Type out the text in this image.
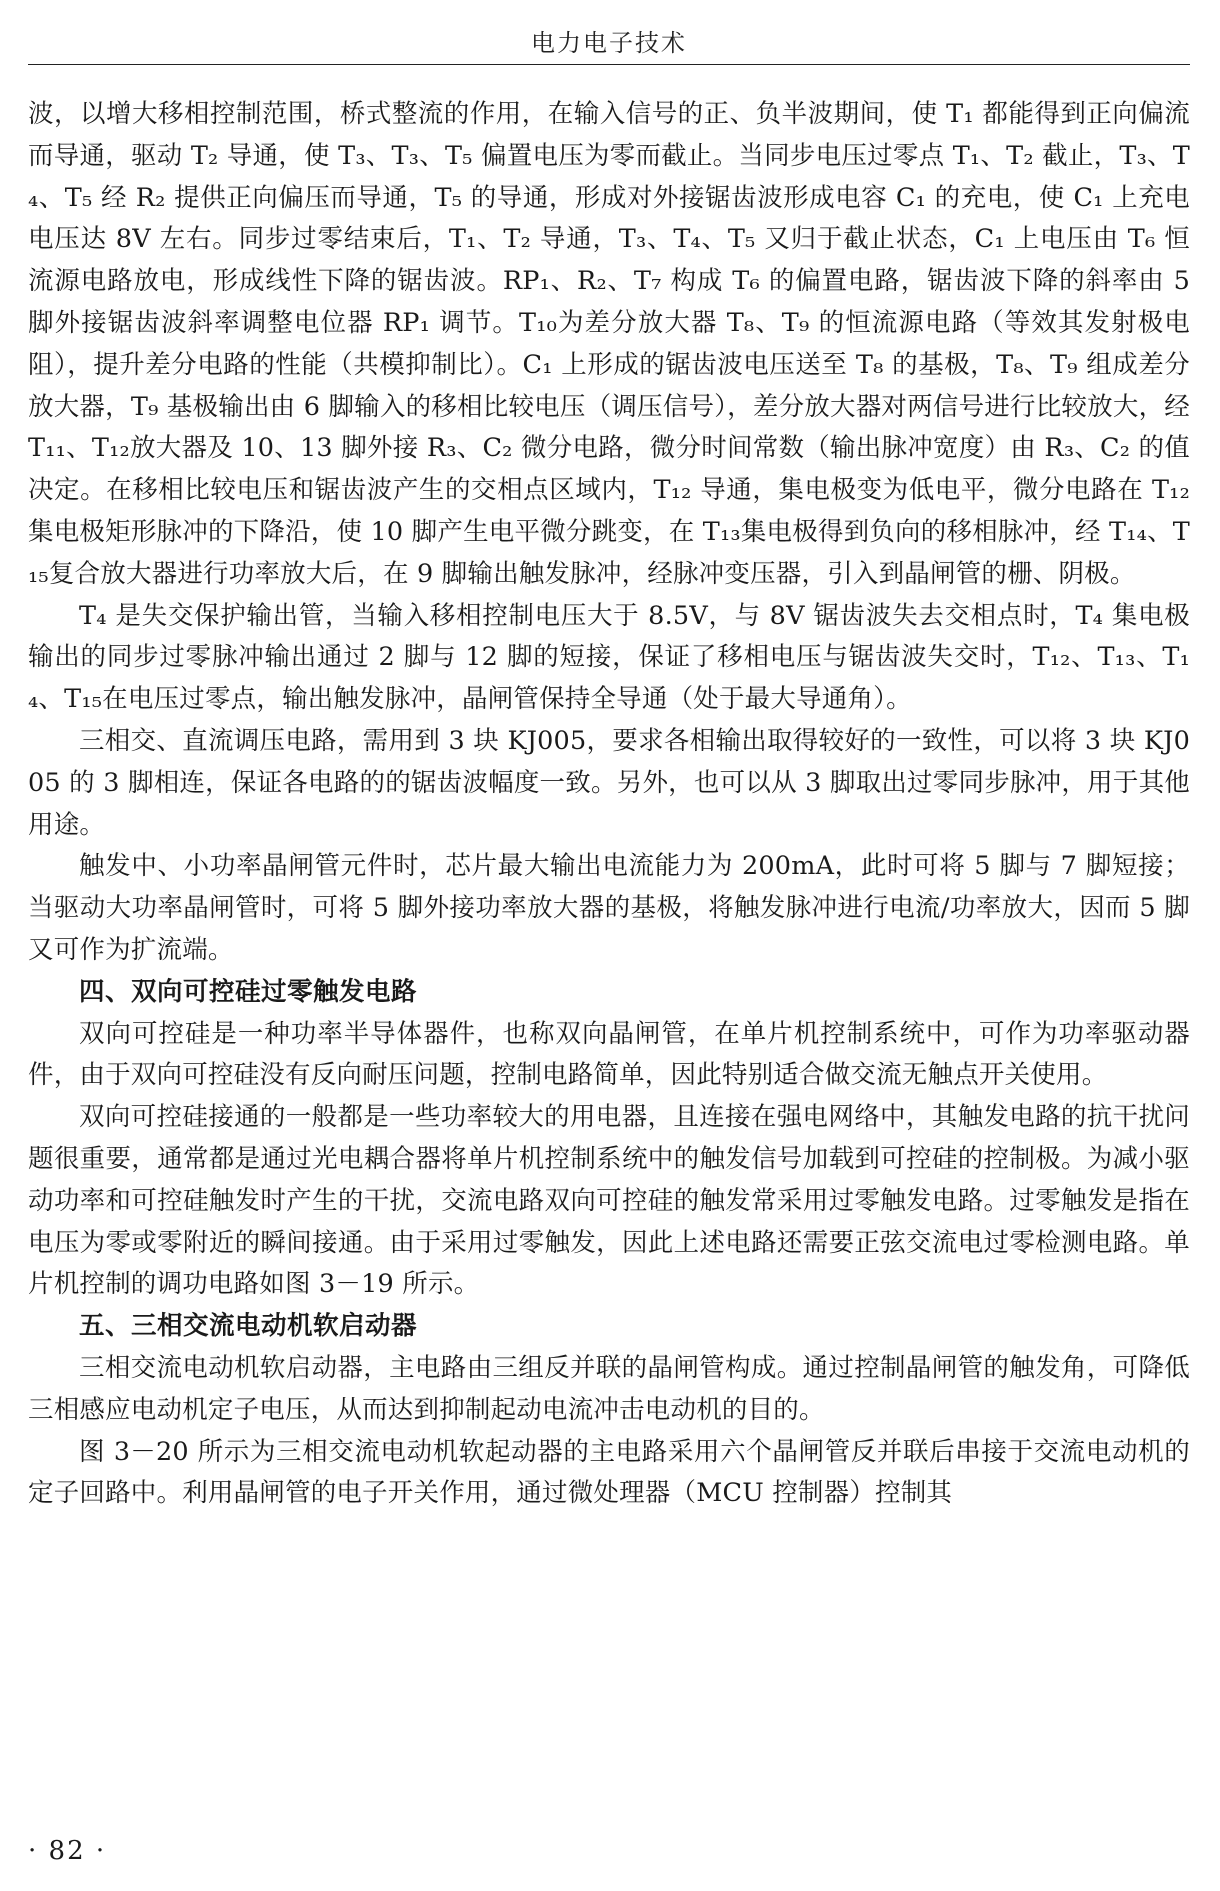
电力电子技术

波，以增大移相控制范围，桥式整流的作用，在输入信号的正、负半波期间，使 T₁ 都能得到正向偏流而导通，驱动 T₂ 导通，使 T₃、T₃、T₅ 偏置电压为零而截止。当同步电压过零点 T₁、T₂ 截止，T₃、T₄、T₅ 经 R₂ 提供正向偏压而导通，T₅ 的导通，形成对外接锯齿波形成电容 C₁ 的充电，使 C₁ 上充电电压达 8V 左右。同步过零结束后，T₁、T₂ 导通，T₃、T₄、T₅ 又归于截止状态，C₁ 上电压由 T₆ 恒流源电路放电，形成线性下降的锯齿波。RP₁、R₂、T₇ 构成 T₆ 的偏置电路，锯齿波下降的斜率由 5 脚外接锯齿波斜率调整电位器 RP₁ 调节。T₁₀为差分放大器 T₈、T₉ 的恒流源电路（等效其发射极电阻），提升差分电路的性能（共模抑制比）。C₁ 上形成的锯齿波电压送至 T₈ 的基极，T₈、T₉ 组成差分放大器，T₉ 基极输出由 6 脚输入的移相比较电压（调压信号），差分放大器对两信号进行比较放大，经 T₁₁、T₁₂放大器及 10、13 脚外接 R₃、C₂ 微分电路，微分时间常数（输出脉冲宽度）由 R₃、C₂ 的值决定。在移相比较电压和锯齿波产生的交相点区域内，T₁₂ 导通，集电极变为低电平，微分电路在 T₁₂集电极矩形脉冲的下降沿，使 10 脚产生电平微分跳变，在 T₁₃集电极得到负向的移相脉冲，经 T₁₄、T₁₅复合放大器进行功率放大后，在 9 脚输出触发脉冲，经脉冲变压器，引入到晶闸管的栅、阴极。

T₄ 是失交保护输出管，当输入移相控制电压大于 8.5V，与 8V 锯齿波失去交相点时，T₄ 集电极输出的同步过零脉冲输出通过 2 脚与 12 脚的短接，保证了移相电压与锯齿波失交时，T₁₂、T₁₃、T₁₄、T₁₅在电压过零点，输出触发脉冲，晶闸管保持全导通（处于最大导通角）。

三相交、直流调压电路，需用到 3 块 KJ005，要求各相输出取得较好的一致性，可以将 3 块 KJ005 的 3 脚相连，保证各电路的的锯齿波幅度一致。另外，也可以从 3 脚取出过零同步脉冲，用于其他用途。

触发中、小功率晶闸管元件时，芯片最大输出电流能力为 200mA，此时可将 5 脚与 7 脚短接；当驱动大功率晶闸管时，可将 5 脚外接功率放大器的基极，将触发脉冲进行电流/功率放大，因而 5 脚又可作为扩流端。

四、双向可控硅过零触发电路

双向可控硅是一种功率半导体器件，也称双向晶闸管，在单片机控制系统中，可作为功率驱动器件，由于双向可控硅没有反向耐压问题，控制电路简单，因此特别适合做交流无触点开关使用。

双向可控硅接通的一般都是一些功率较大的用电器，且连接在强电网络中，其触发电路的抗干扰问题很重要，通常都是通过光电耦合器将单片机控制系统中的触发信号加载到可控硅的控制极。为减小驱动功率和可控硅触发时产生的干扰，交流电路双向可控硅的触发常采用过零触发电路。过零触发是指在电压为零或零附近的瞬间接通。由于采用过零触发，因此上述电路还需要正弦交流电过零检测电路。单片机控制的调功电路如图 3－19 所示。

五、三相交流电动机软启动器

三相交流电动机软启动器，主电路由三组反并联的晶闸管构成。通过控制晶闸管的触发角，可降低三相感应电动机定子电压，从而达到抑制起动电流冲击电动机的目的。

图 3－20 所示为三相交流电动机软起动器的主电路采用六个晶闸管反并联后串接于交流电动机的定子回路中。利用晶闸管的电子开关作用，通过微处理器（MCU 控制器）控制其

· 82 ·
